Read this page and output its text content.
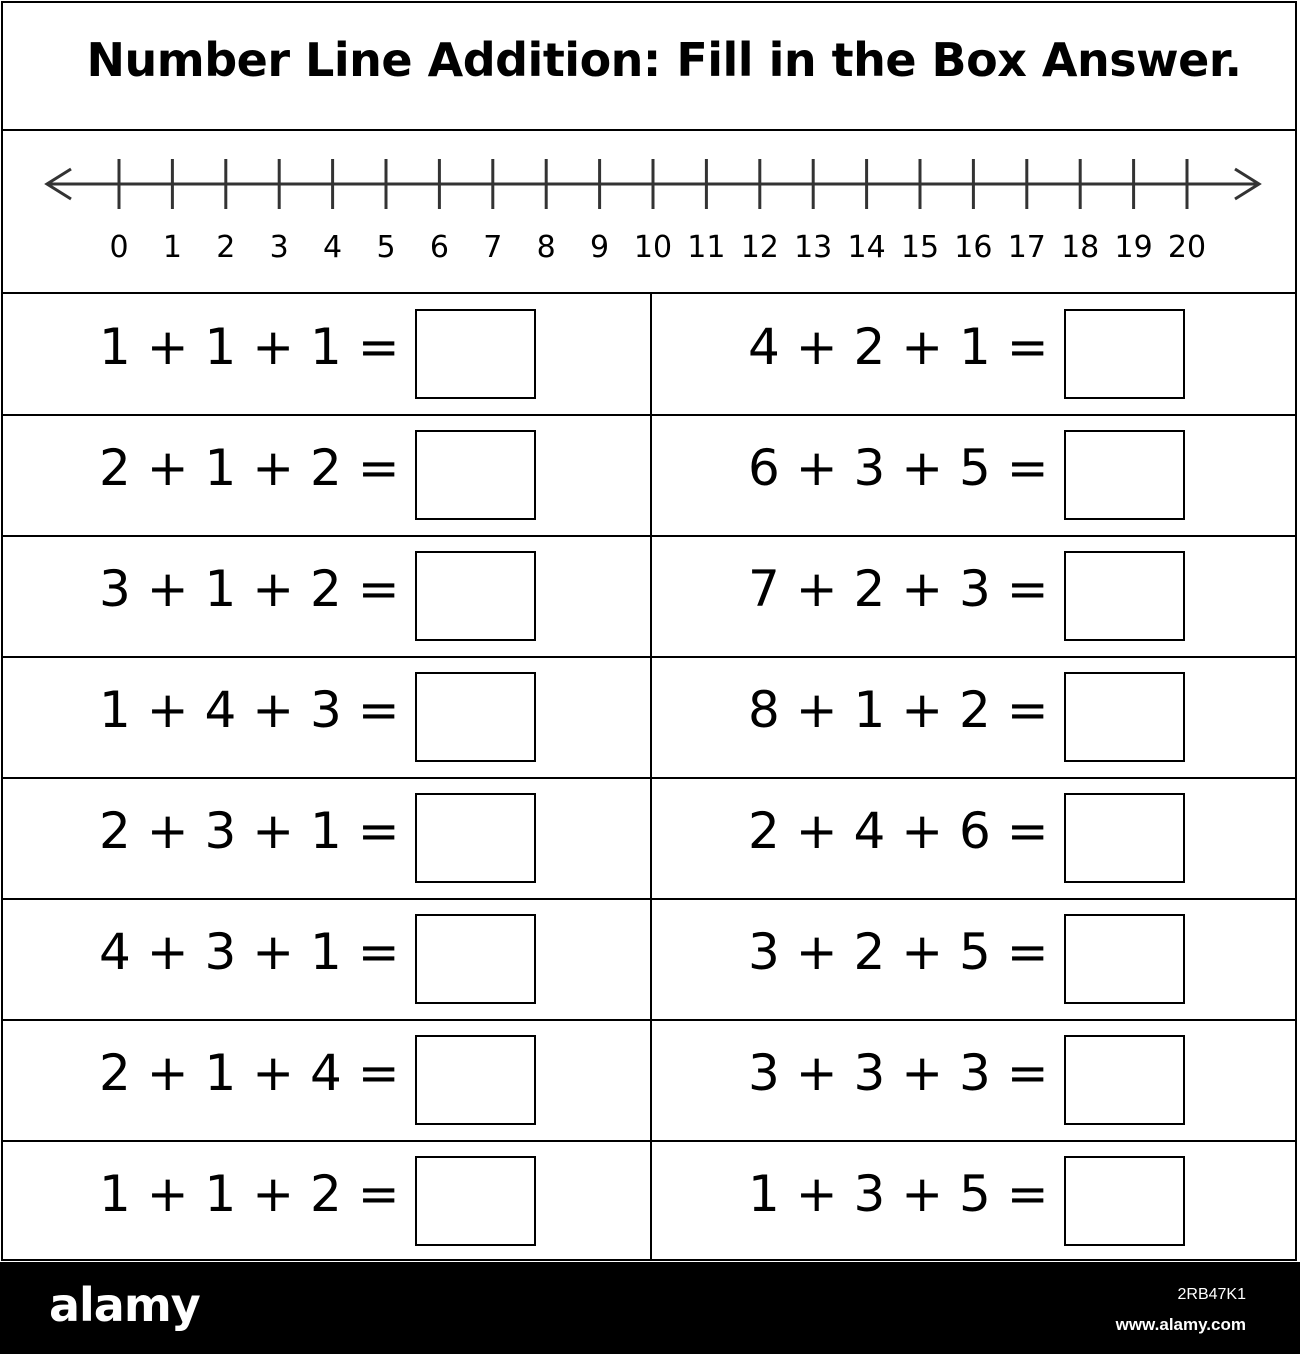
Number Line Addition: Fill in the Box Answer.
0 1 2 3 4 5 6 7 8 9 10 11 12 13 14 15 16 17 18 19 20
1 + 1 + 1 =
2 + 1 + 2 =
3 + 1 + 2 =
1 + 4 + 3 =
2 + 3 + 1 =
4 + 3 + 1 =
2 + 1 + 4 =
1 + 1 + 2 =
4 + 2 + 1 =
6 + 3 + 5 =
7 + 2 + 3 =
8 + 1 + 2 =
2 + 4 + 6 =
3 + 2 + 5 =
3 + 3 + 3 =
1 + 3 + 5 =
alamy	2RB47K1
www.alamy.com
